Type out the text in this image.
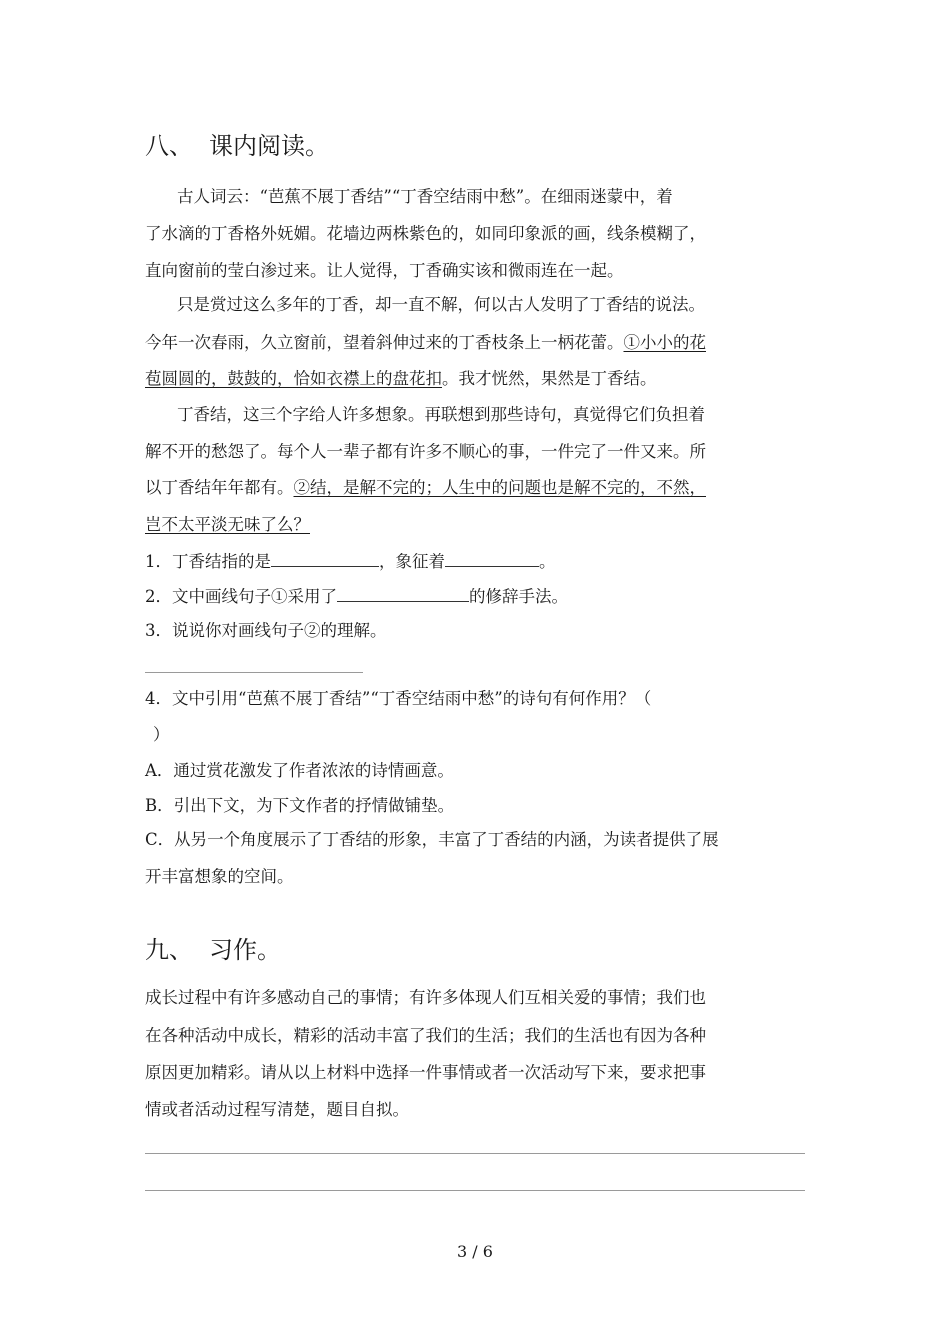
八、 课内阅读。
古人词云：“芭蕉不展丁香结”“丁香空结雨中愁”。在细雨迷蒙中，着
了水滴的丁香格外妩媚。花墙边两株紫色的，如同印象派的画，线条模糊了，
直向窗前的莹白渗过来。让人觉得，丁香确实该和微雨连在一起。
只是赏过这么多年的丁香，却一直不解，何以古人发明了丁香结的说法。
今年一次春雨，久立窗前，望着斜伸过来的丁香枝条上一柄花蕾。①小小的花
苞圆圆的，鼓鼓的，恰如衣襟上的盘花扣。我才恍然，果然是丁香结。
丁香结，这三个字给人许多想象。再联想到那些诗句，真觉得它们负担着
解不开的愁怨了。每个人一辈子都有许多不顺心的事，一件完了一件又来。所
以丁香结年年都有。②结，是解不完的；人生中的问题也是解不完的，不然，
岂不太平淡无味了么？
1．丁香结指的是	，象征着	。
2．文中画线句子①采用了	的修辞手法。
3．说说你对画线句子②的理解。
4．文中引用“芭蕉不展丁香结”“丁香空结雨中愁”的诗句有何作用？（
）
A．通过赏花激发了作者浓浓的诗情画意。
B．引出下文，为下文作者的抒情做铺垫。
C．从另一个角度展示了丁香结的形象，丰富了丁香结的内涵，为读者提供了展
开丰富想象的空间。
九、 习作。
成长过程中有许多感动自己的事情；有许多体现人们互相关爱的事情；我们也
在各种活动中成长，精彩的活动丰富了我们的生活；我们的生活也有因为各种
原因更加精彩。请从以上材料中选择一件事情或者一次活动写下来，要求把事
情或者活动过程写清楚，题目自拟。
3 / 6
